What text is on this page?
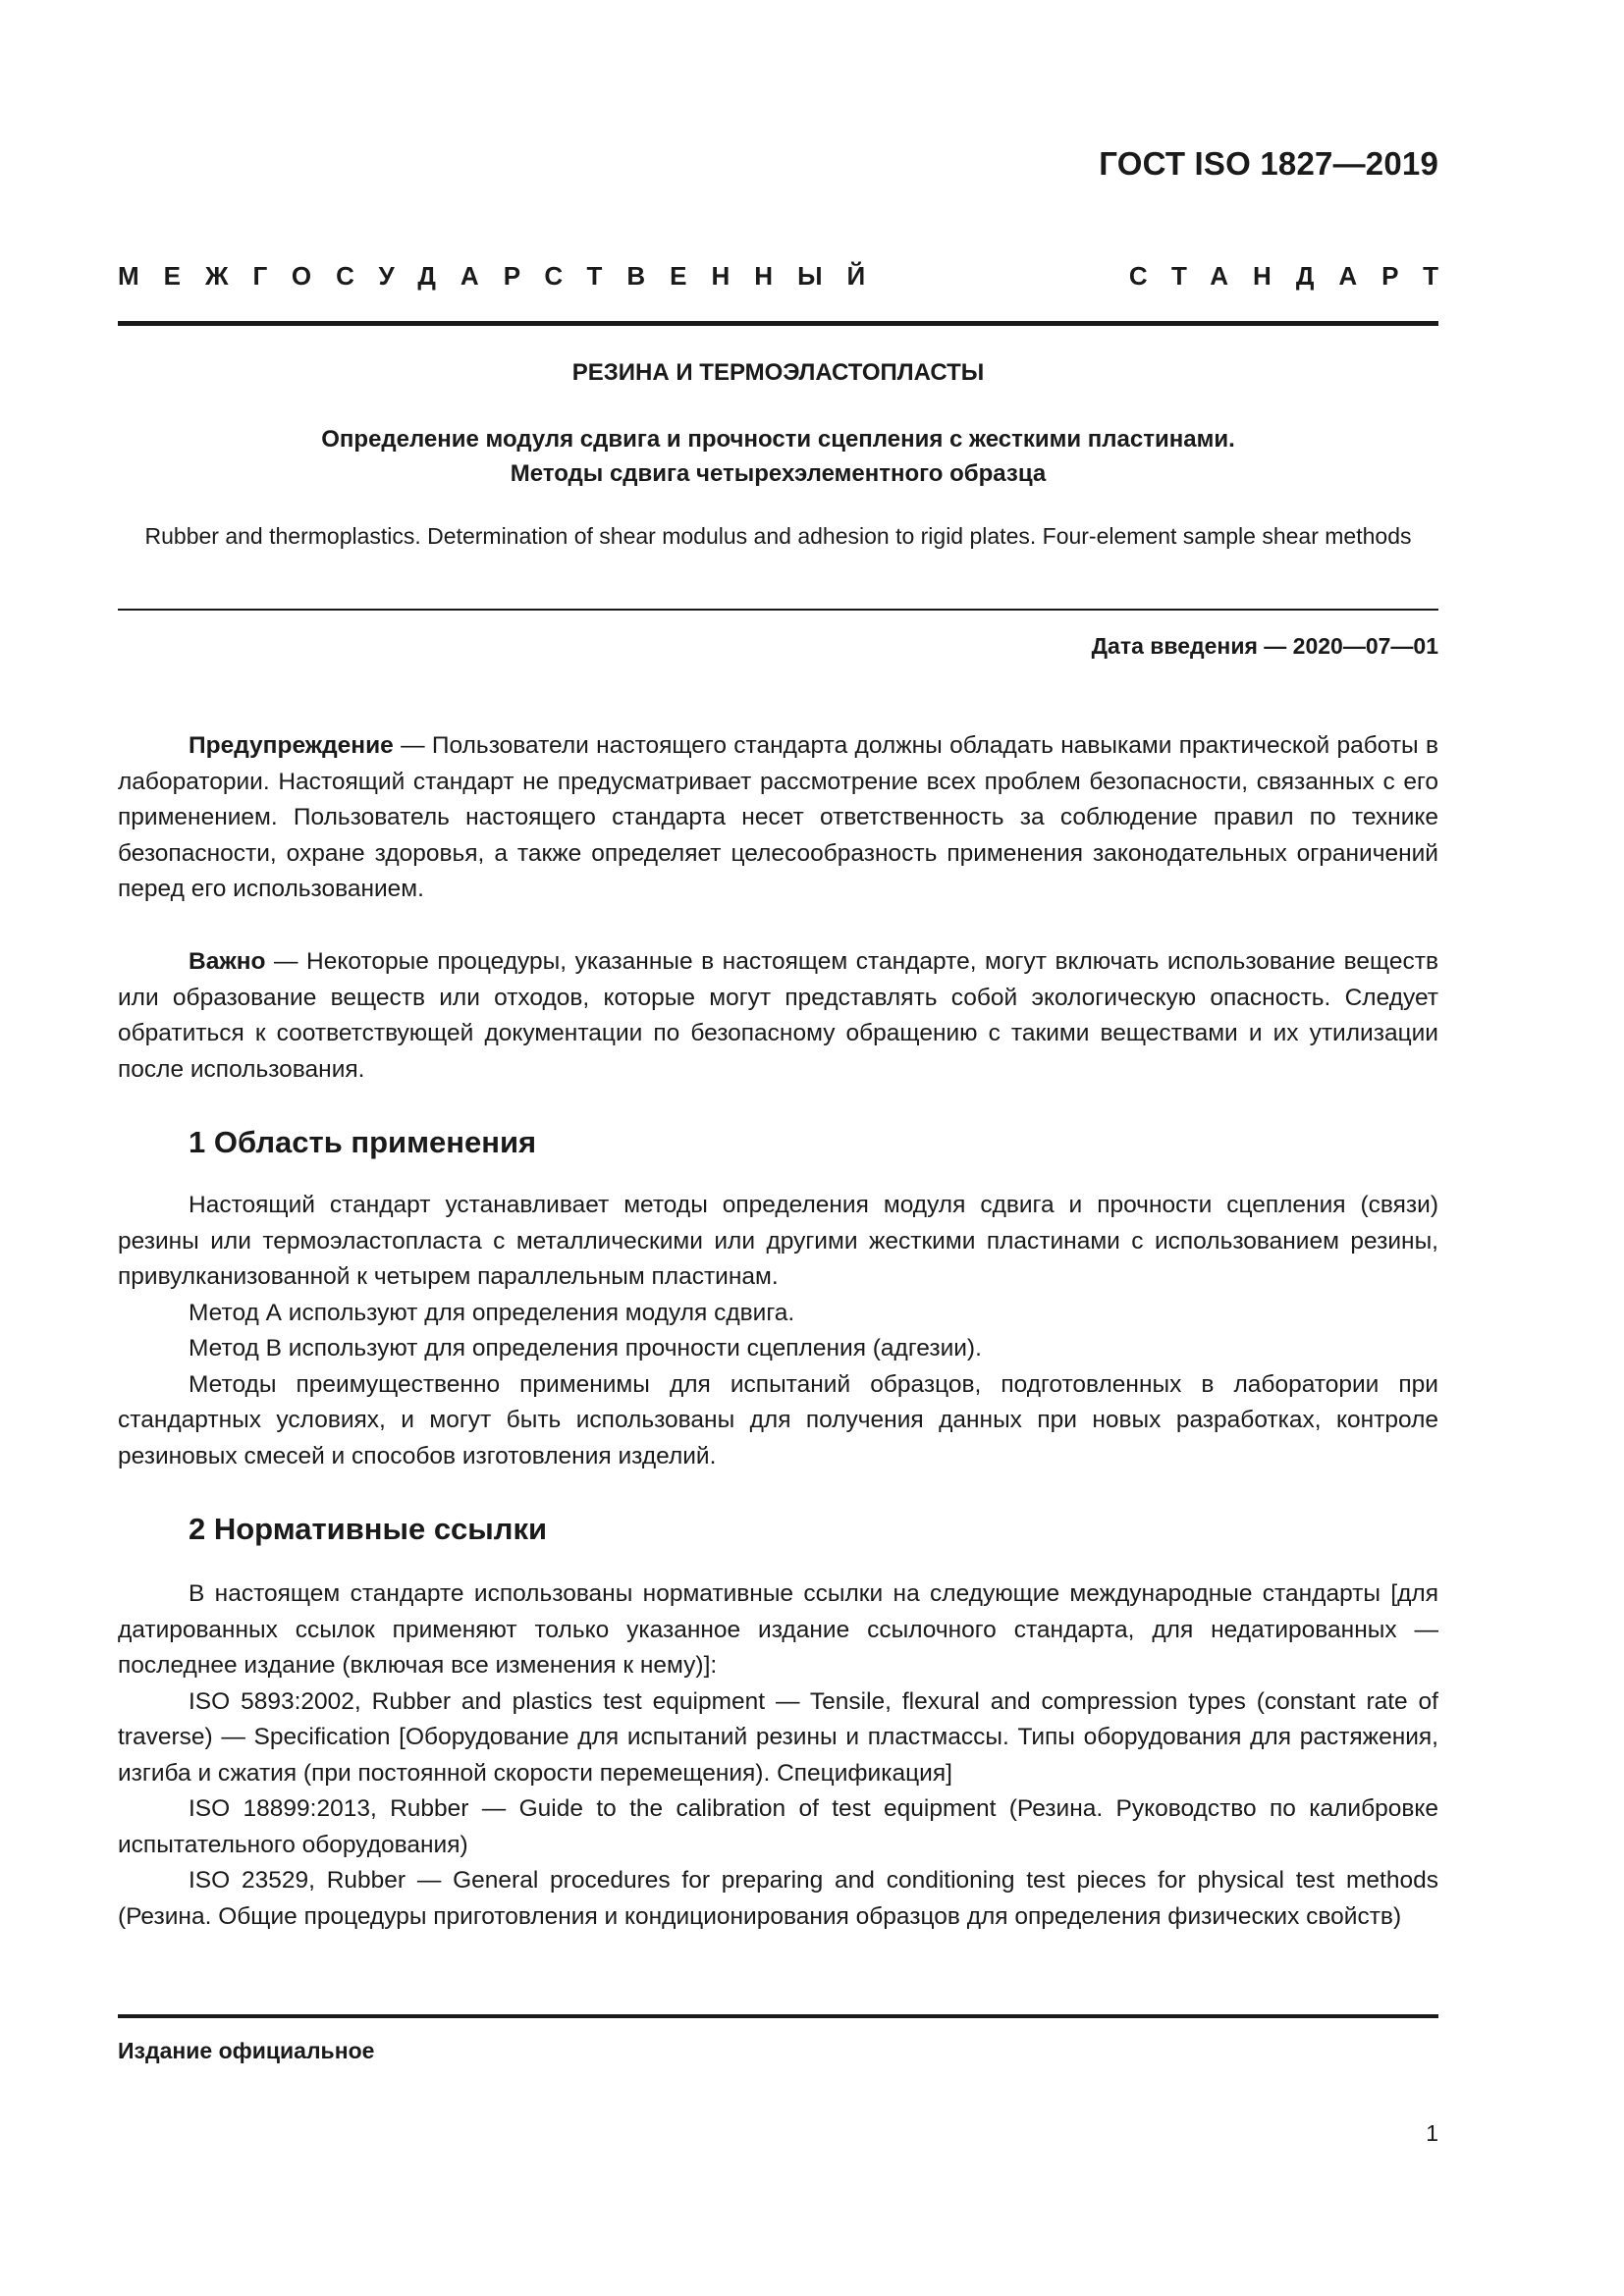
ГОСТ ISO 1827—2019
МЕЖГОСУДАРСТВЕННЫЙ	СТАНДАРТ
РЕЗИНА И ТЕРМОЭЛАСТОПЛАСТЫ
Определение модуля сдвига и прочности сцепления с жесткими пластинами.
Методы сдвига четырехэлементного образца
Rubber and thermoplastics. Determination of shear modulus and adhesion to rigid plates. Four-element sample shear methods
Дата введения — 2020—07—01

Предупреждение — Пользователи настоящего стандарта должны обладать навыками практической работы в лаборатории. Настоящий стандарт не предусматривает рассмотрение всех проблем безопасности, связанных с его применением. Пользователь настоящего стандарта несет ответственность за соблюдение правил по технике безопасности, охране здоровья, а также определяет целесообразность применения законодательных ограничений перед его использованием.

Важно — Некоторые процедуры, указанные в настоящем стандарте, могут включать использование веществ или образование веществ или отходов, которые могут представлять собой экологическую опасность. Следует обратиться к соответствующей документации по безопасному обращению с такими веществами и их утилизации после использования.

1 Область применения

Настоящий стандарт устанавливает методы определения модуля сдвига и прочности сцепления (связи) резины или термоэластопласта с металлическими или другими жесткими пластинами с использованием резины, привулканизованной к четырем параллельным пластинам.

Метод А используют для определения модуля сдвига.

Метод В используют для определения прочности сцепления (адгезии).

Методы преимущественно применимы для испытаний образцов, подготовленных в лаборатории при стандартных условиях, и могут быть использованы для получения данных при новых разработках, контроле резиновых смесей и способов изготовления изделий.

2 Нормативные ссылки

В настоящем стандарте использованы нормативные ссылки на следующие международные стандарты [для датированных ссылок применяют только указанное издание ссылочного стандарта, для недатированных — последнее издание (включая все изменения к нему)]:

ISO 5893:2002, Rubber and plastics test equipment — Tensile, flexural and compression types (constant rate of traverse) — Specification [Оборудование для испытаний резины и пластмассы. Типы оборудования для растяжения, изгиба и сжатия (при постоянной скорости перемещения). Спецификация]

ISO 18899:2013, Rubber — Guide to the calibration of test equipment (Резина. Руководство по калибровке испытательного оборудования)

ISO 23529, Rubber — General procedures for preparing and conditioning test pieces for physical test methods (Резина. Общие процедуры приготовления и кондиционирования образцов для определения физических свойств)

Издание официальное
1
